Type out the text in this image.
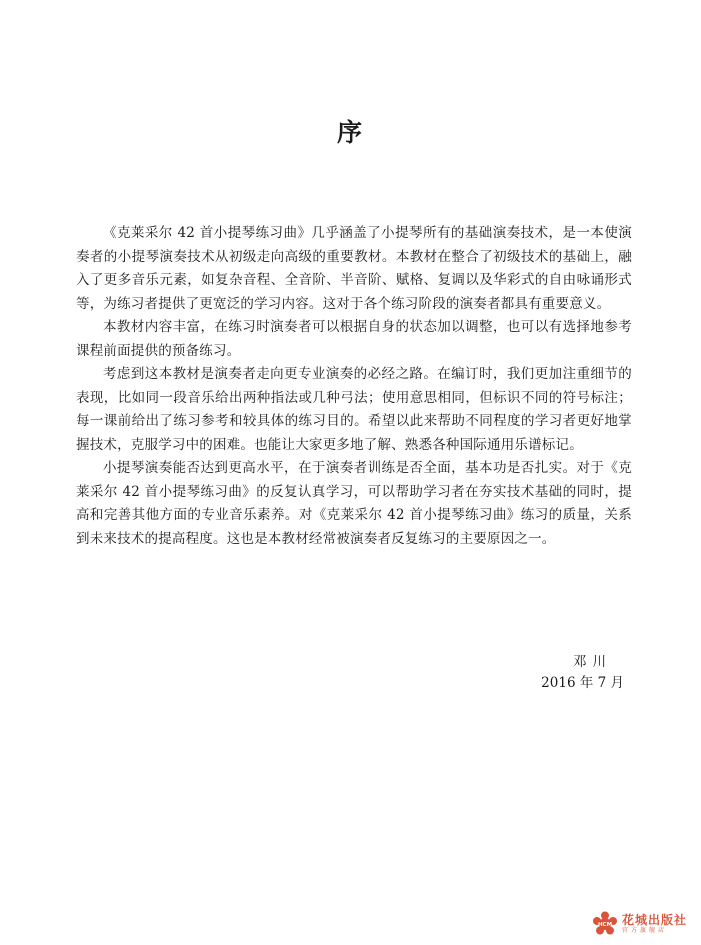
序

《克莱采尔 42 首小提琴练习曲》几乎涵盖了小提琴所有的基础演奏技术，是一本使演奏者的小提琴演奏技术从初级走向高级的重要教材。本教材在整合了初级技术的基础上，融入了更多音乐元素，如复杂音程、全音阶、半音阶、赋格、复调以及华彩式的自由咏诵形式等，为练习者提供了更宽泛的学习内容。这对于各个练习阶段的演奏者都具有重要意义。

本教材内容丰富，在练习时演奏者可以根据自身的状态加以调整，也可以有选择地参考课程前面提供的预备练习。

考虑到这本教材是演奏者走向更专业演奏的必经之路。在编订时，我们更加注重细节的表现，比如同一段音乐给出两种指法或几种弓法；使用意思相同，但标识不同的符号标注；每一课前给出了练习参考和较具体的练习目的。希望以此来帮助不同程度的学习者更好地掌握技术，克服学习中的困难。也能让大家更多地了解、熟悉各种国际通用乐谱标记。

小提琴演奏能否达到更高水平，在于演奏者训练是否全面，基本功是否扎实。对于《克莱采尔 42 首小提琴练习曲》的反复认真学习，可以帮助学习者在夯实技术基础的同时，提高和完善其他方面的专业音乐素养。对《克莱采尔 42 首小提琴练习曲》练习的质量，关系到未来技术的提高程度。这也是本教材经常被演奏者反复练习的主要原因之一。

邓川
2016 年 7 月
HCM 花城出版社
官方旗舰店
